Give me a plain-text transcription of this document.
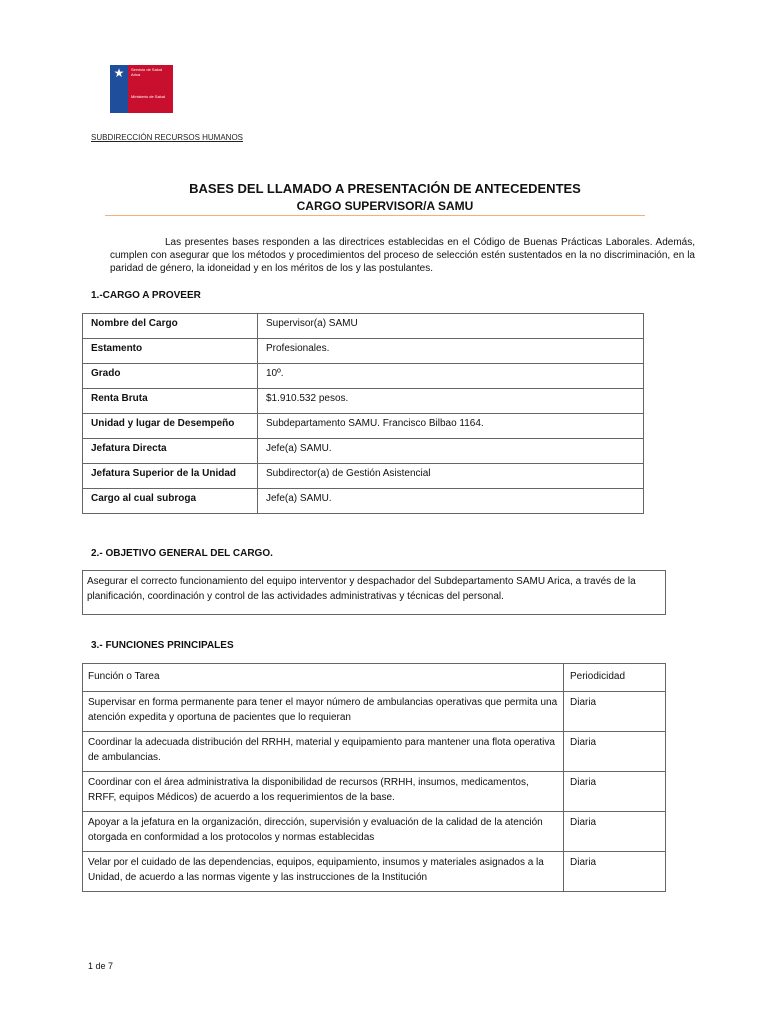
★	Servicio de Salud Arica
Ministerio de Salud
SUBDIRECCIÓN RECURSOS HUMANOS
BASES DEL LLAMADO A PRESENTACIÓN DE ANTECEDENTES
CARGO SUPERVISOR/A SAMU
Las presentes bases responden a las directrices establecidas en el Código de Buenas Prácticas Laborales. Además, cumplen con asegurar que los métodos y procedimientos del proceso de selección estén sustentados en la no discriminación, en la paridad de género, la idoneidad y en los méritos de los y las postulantes.
1.-CARGO A PROVEER
Nombre del Cargo	Supervisor(a) SAMU
Estamento	Profesionales.
Grado	10º.
Renta Bruta	$1.910.532 pesos.
Unidad y lugar de Desempeño	Subdepartamento SAMU. Francisco Bilbao 1164.
Jefatura Directa	Jefe(a) SAMU.
Jefatura Superior de la Unidad	Subdirector(a) de Gestión Asistencial
Cargo al cual subroga	Jefe(a) SAMU.
2.- OBJETIVO GENERAL DEL CARGO.
Asegurar el correcto funcionamiento del equipo interventor y despachador del Subdepartamento SAMU Arica, a través de la planificación, coordinación y control de las actividades administrativas y técnicas del personal.
3.- FUNCIONES PRINCIPALES
Función o Tarea	Periodicidad
Supervisar en forma permanente para tener el mayor número de ambulancias operativas que permita una atención expedita y oportuna de pacientes que lo requieran	Diaria
Coordinar la adecuada distribución del RRHH, material y equipamiento para mantener una flota operativa de ambulancias.	Diaria
Coordinar con el área administrativa la disponibilidad de recursos (RRHH, insumos, medicamentos, RRFF, equipos Médicos) de acuerdo a los requerimientos de la base.	Diaria
Apoyar a la jefatura en la organización, dirección, supervisión y evaluación de la calidad de la atención otorgada en conformidad a los protocolos y normas establecidas	Diaria
Velar por el cuidado de las dependencias, equipos, equipamiento, insumos y materiales asignados a la Unidad, de acuerdo a las normas vigente y las instrucciones de la Institución	Diaria
1 de 7
